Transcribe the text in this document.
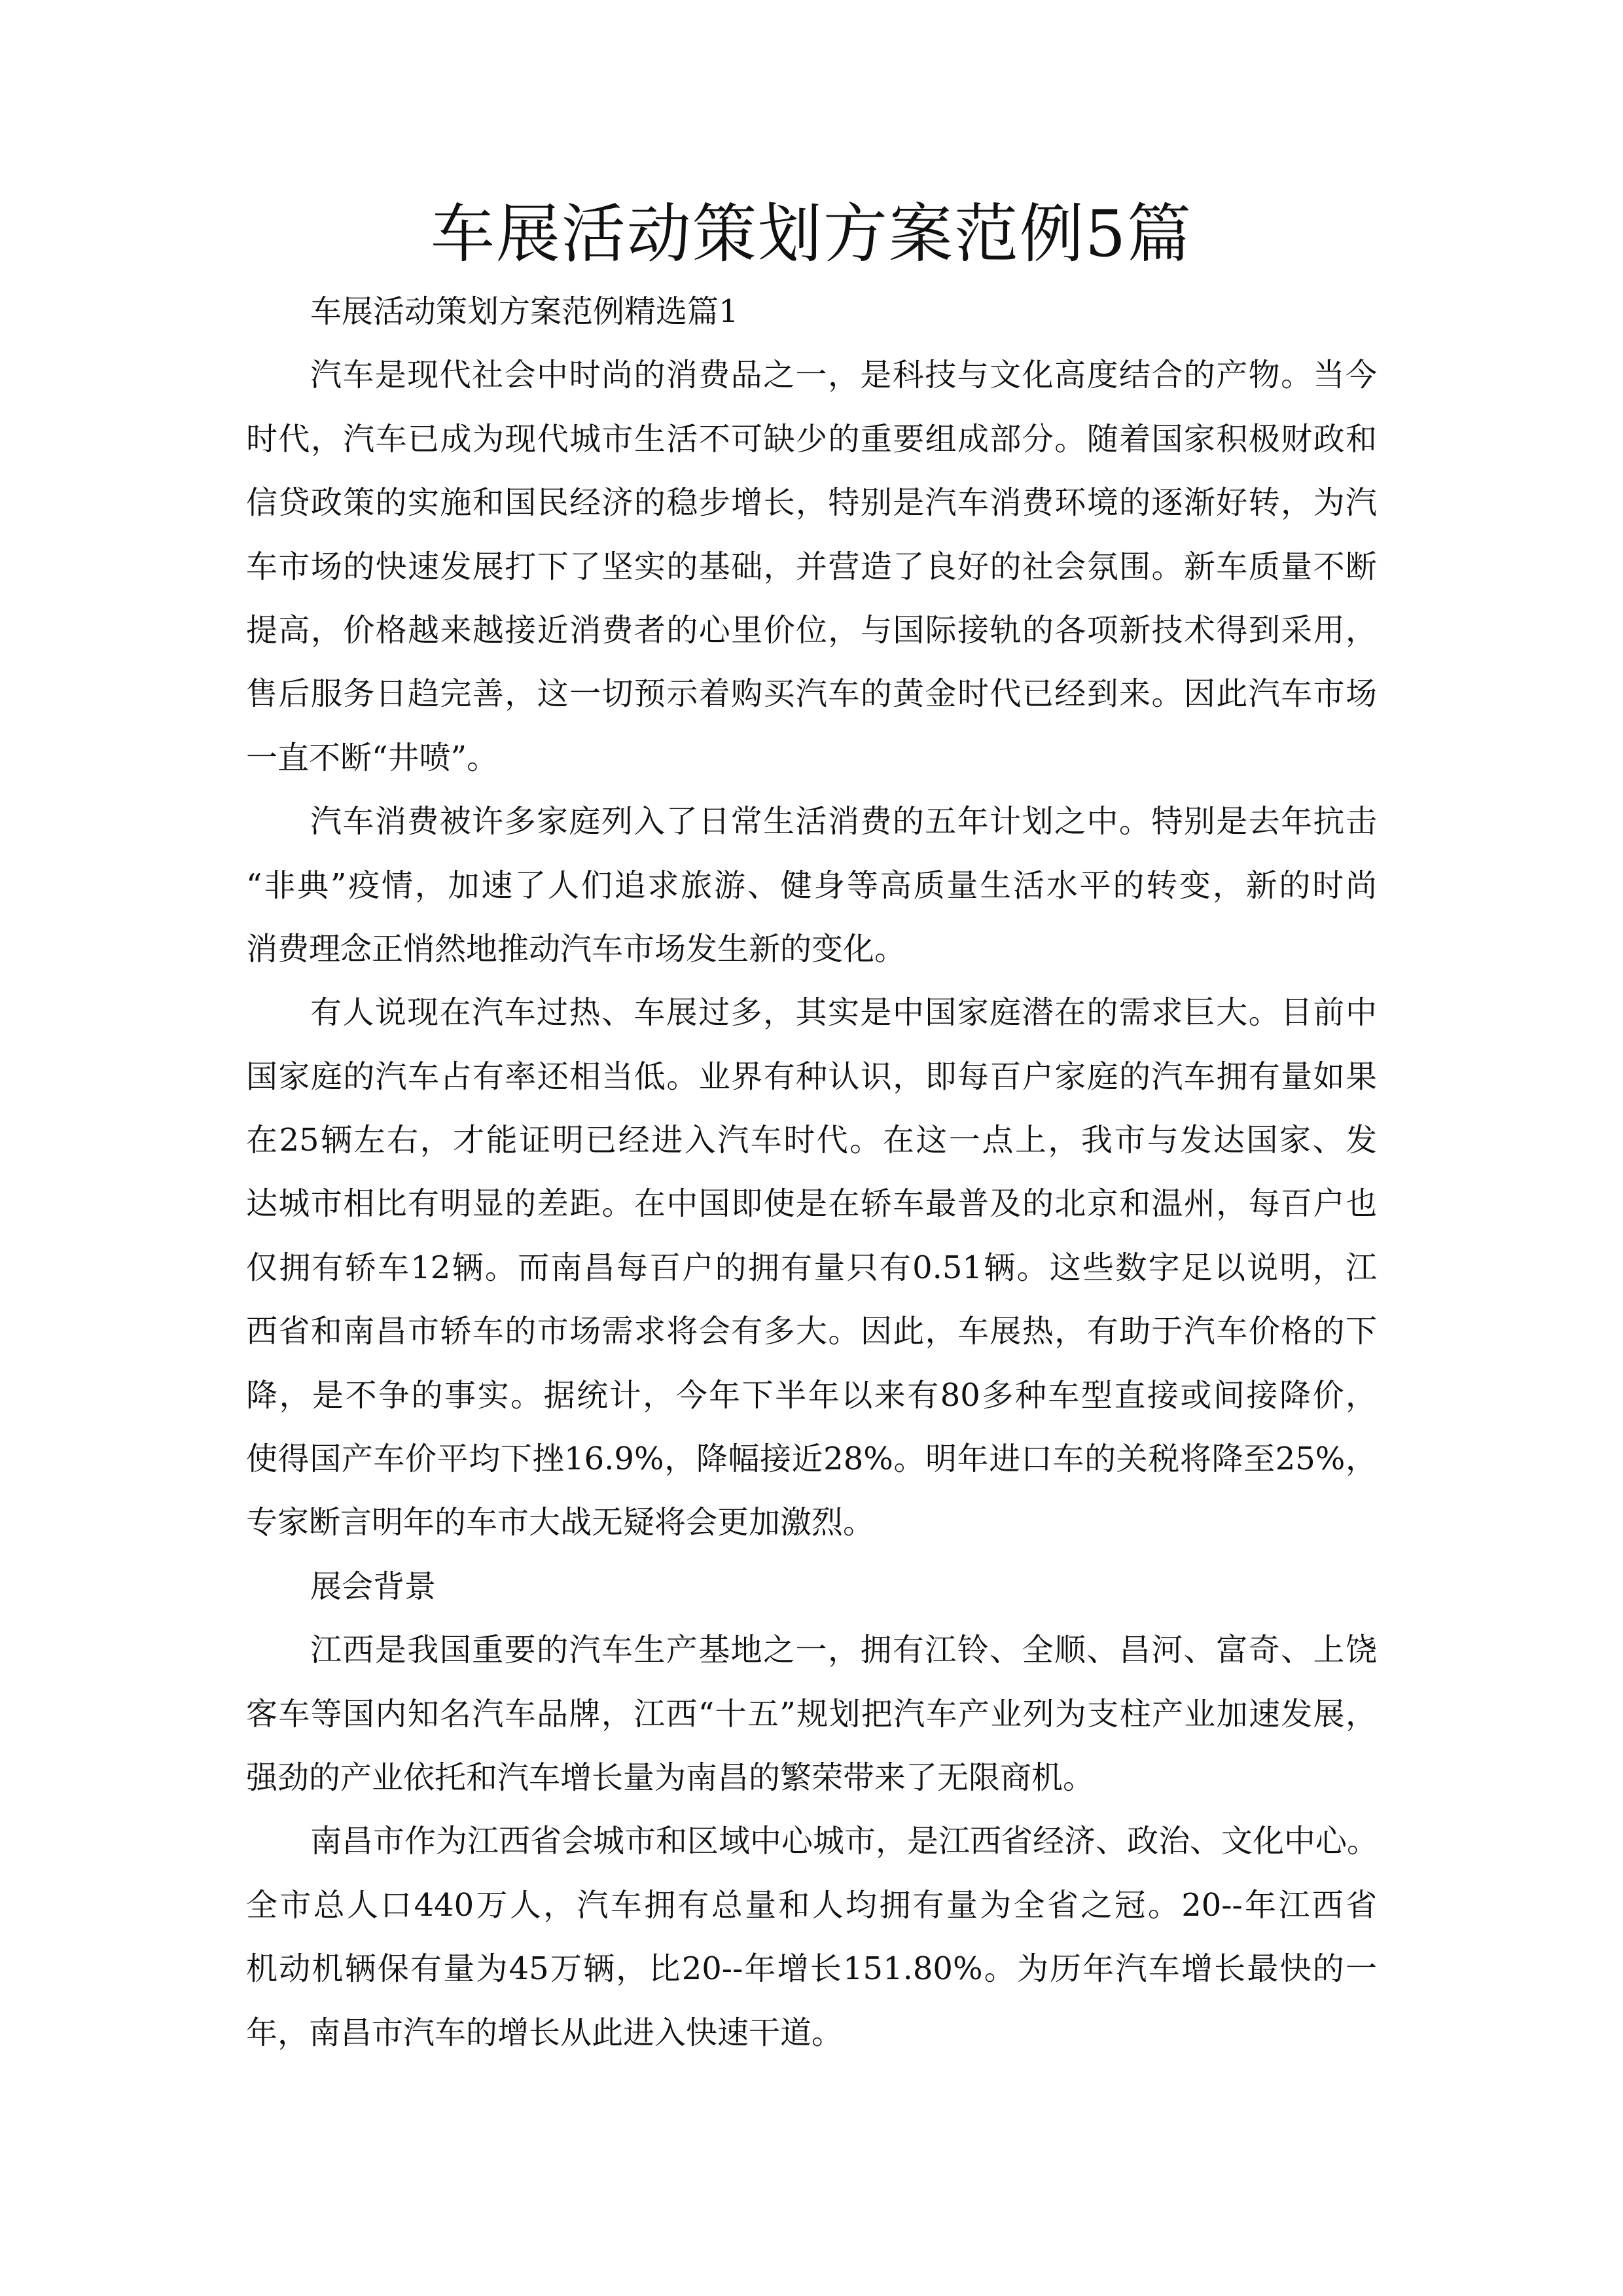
车展活动策划方案范例5篇
车展活动策划方案范例精选篇1
汽车是现代社会中时尚的消费品之一，是科技与文化高度结合的产物。当今
时代，汽车已成为现代城市生活不可缺少的重要组成部分。随着国家积极财政和
信贷政策的实施和国民经济的稳步增长，特别是汽车消费环境的逐渐好转，为汽
车市场的快速发展打下了坚实的基础，并营造了良好的社会氛围。新车质量不断
提高，价格越来越接近消费者的心里价位，与国际接轨的各项新技术得到采用，
售后服务日趋完善，这一切预示着购买汽车的黄金时代已经到来。因此汽车市场
一直不断“井喷”。
汽车消费被许多家庭列入了日常生活消费的五年计划之中。特别是去年抗击
“非典”疫情，加速了人们追求旅游、健身等高质量生活水平的转变，新的时尚
消费理念正悄然地推动汽车市场发生新的变化。
有人说现在汽车过热、车展过多，其实是中国家庭潜在的需求巨大。目前中
国家庭的汽车占有率还相当低。业界有种认识，即每百户家庭的汽车拥有量如果
在25辆左右，才能证明已经进入汽车时代。在这一点上，我市与发达国家、发
达城市相比有明显的差距。在中国即使是在轿车最普及的北京和温州，每百户也
仅拥有轿车12辆。而南昌每百户的拥有量只有0.51辆。这些数字足以说明，江
西省和南昌市轿车的市场需求将会有多大。因此，车展热，有助于汽车价格的下
降，是不争的事实。据统计，今年下半年以来有80多种车型直接或间接降价，
使得国产车价平均下挫16.9%，降幅接近28%。明年进口车的关税将降至25%，
专家断言明年的车市大战无疑将会更加激烈。
展会背景
江西是我国重要的汽车生产基地之一，拥有江铃、全顺、昌河、富奇、上饶
客车等国内知名汽车品牌，江西“十五”规划把汽车产业列为支柱产业加速发展，
强劲的产业依托和汽车增长量为南昌的繁荣带来了无限商机。
南昌市作为江西省会城市和区域中心城市，是江西省经济、政治、文化中心。
全市总人口440万人，汽车拥有总量和人均拥有量为全省之冠。20--年江西省
机动机辆保有量为45万辆，比20--年增长151.80%。为历年汽车增长最快的一
年，南昌市汽车的增长从此进入快速干道。
